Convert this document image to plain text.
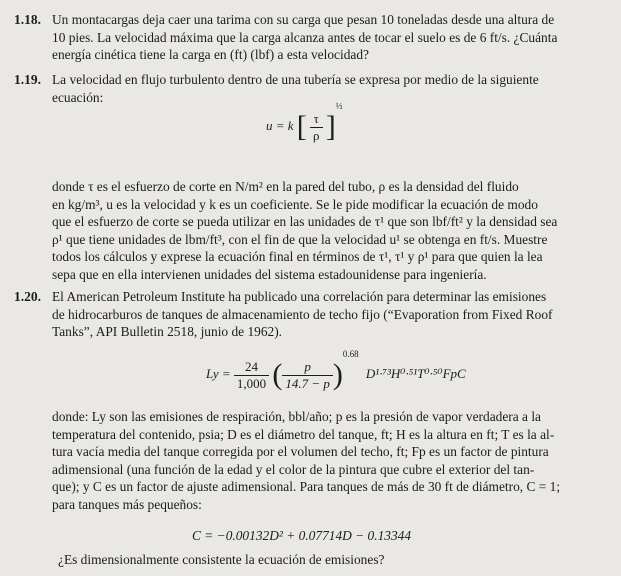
1.18. Un montacargas deja caer una tarima con su carga que pesan 10 toneladas desde una altura de
10 pies. La velocidad máxima que la carga alcanza antes de tocar el suelo es de 6 ft/s. ¿Cuánta
energía cinética tiene la carga en (ft) (lbf) a esta velocidad?
1.19. La velocidad en flujo turbulento dentro de una tubería se expresa por medio de la siguiente
ecuación:
u = k [ $\frac{\tau}{\rho} ]^{\frac{1}{2}}$
donde τ es el esfuerzo de corte en N/m² en la pared del tubo, ρ es la densidad del fluido
en kg/m³, u es la velocidad y k es un coeficiente. Se le pide modificar la ecuación de modo
que el esfuerzo de corte se pueda utilizar en las unidades de τ¹ que son lbf/ft² y la densidad sea
ρ¹ que tiene unidades de lbm/ft³, con el fin de que la velocidad u¹ se obtenga en ft/s. Muestre
todos los cálculos y exprese la ecuación final en términos de τ¹, τ¹ y ρ¹ para que quien la lea
sepa que en ella intervienen unidades del sistema estadounidense para ingeniería.
1.20. El American Petroleum Institute ha publicado una correlación para determinar las emisiones
de hidrocarburos de tanques de almacenamiento de techo fijo (“Evaporation from Fixed Roof
Tanks”, API Bulletin 2518, junio de 1962).
$Ly = \frac{24}{1,000}$ ( $\frac{p}{14.7 - p} )^{0.68}$ D¹·⁷³H⁰·⁵¹T⁰·⁵⁰FpC
donde: Ly son las emisiones de respiración, bbl/año; p es la presión de vapor verdadera a la
temperatura del contenido, psia; D es el diámetro del tanque, ft; H es la altura en ft; T es la al-
tura vacía media del tanque corregida por el volumen del techo, ft; Fp es un factor de pintura
adimensional (una función de la edad y el color de la pintura que cubre el exterior del tan-
que); y C es un factor de ajuste adimensional. Para tanques de más de 30 ft de diámetro, C = 1;
para tanques más pequeños:
C = −0.00132D² + 0.07714D − 0.13344
¿Es dimensionalmente consistente la ecuación de emisiones?
